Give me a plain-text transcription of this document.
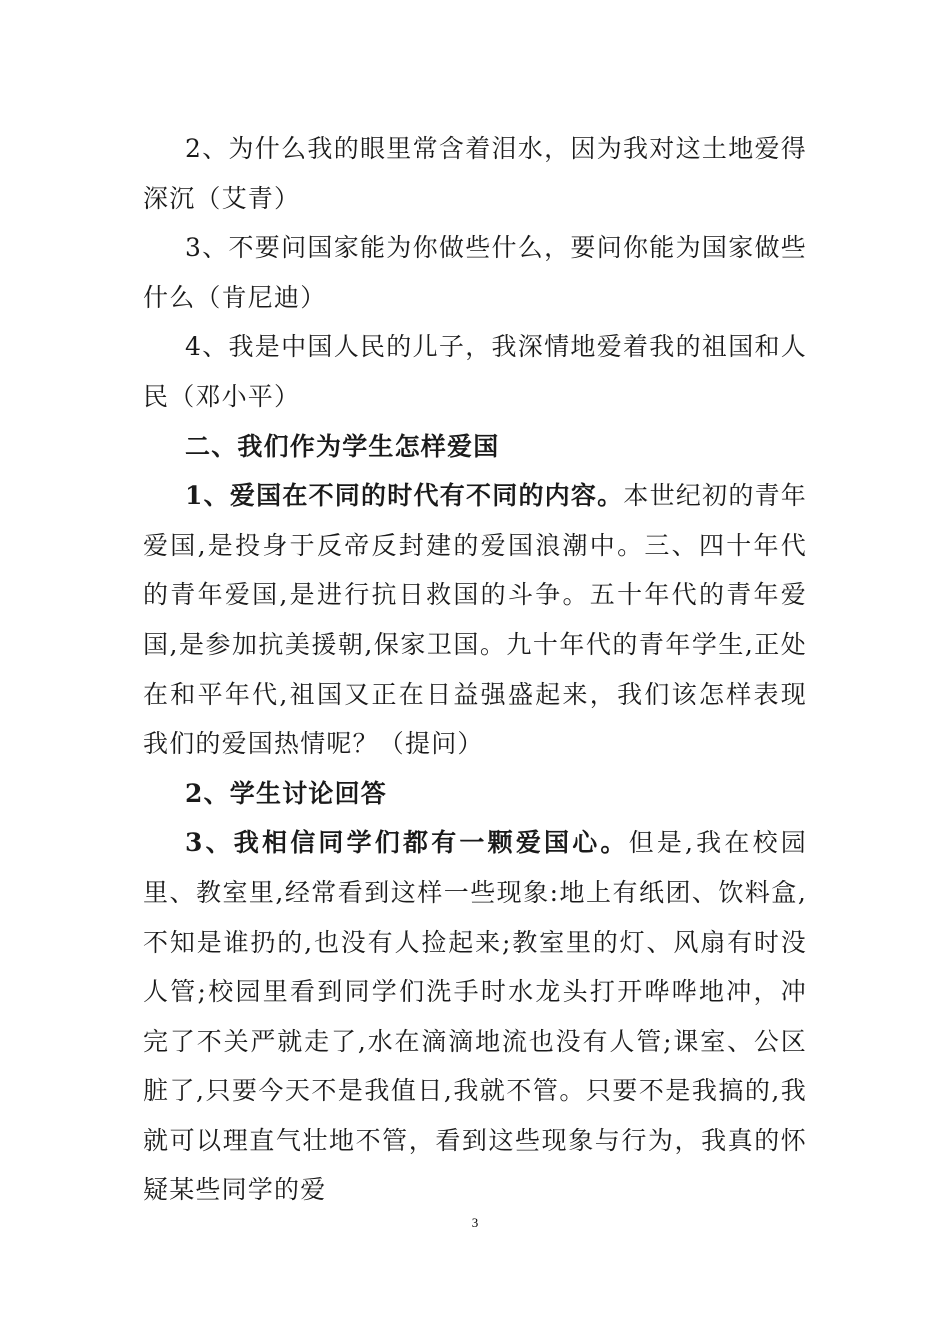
2、为什么我的眼里常含着泪水，因为我对这土地爱得深沉（艾青）

3、不要问国家能为你做些什么，要问你能为国家做些什么（肯尼迪）

4、我是中国人民的儿子，我深情地爱着我的祖国和人民（邓小平）

二、我们作为学生怎样爱国

1、爱国在不同的时代有不同的内容。本世纪初的青年爱国,是投身于反帝反封建的爱国浪潮中。三、四十年代的青年爱国,是进行抗日救国的斗争。五十年代的青年爱国,是参加抗美援朝,保家卫国。九十年代的青年学生,正处在和平年代,祖国又正在日益强盛起来，我们该怎样表现我们的爱国热情呢？（提问）

2、学生讨论回答

3、我相信同学们都有一颗爱国心。但是,我在校园里、教室里,经常看到这样一些现象:地上有纸团、饮料盒,不知是谁扔的,也没有人捡起来;教室里的灯、风扇有时没人管;校园里看到同学们洗手时水龙头打开哗哗地冲，冲完了不关严就走了,水在滴滴地流也没有人管;课室、公区脏了,只要今天不是我值日,我就不管。只要不是我搞的,我就可以理直气壮地不管，看到这些现象与行为，我真的怀疑某些同学的爱

3
